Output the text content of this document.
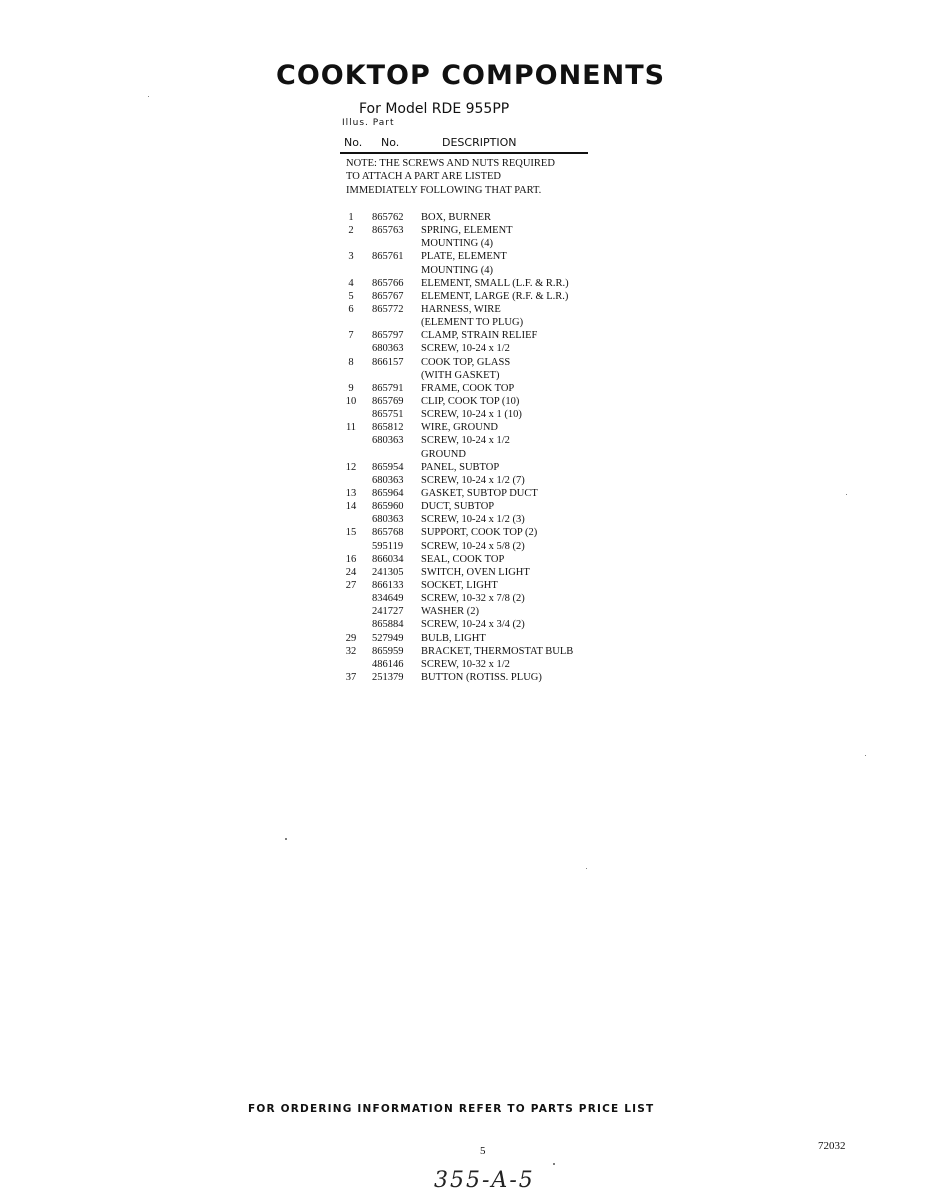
COOKTOP COMPONENTS
For Model RDE 955PP
Illus. Part
No. No.	DESCRIPTION
NOTE: THE SCREWS AND NUTS REQUIRED
TO ATTACH A PART ARE LISTED
IMMEDIATELY FOLLOWING THAT PART.
1	865762 BOX, BURNER
2	865763 SPRING, ELEMENT
MOUNTING (4)
3	865761 PLATE, ELEMENT
MOUNTING (4)
4	865766 ELEMENT, SMALL (L.F. & R.R.)
5	865767 ELEMENT, LARGE (R.F. & L.R.)
6	865772 HARNESS, WIRE
(ELEMENT TO PLUG)
7	865797 CLAMP, STRAIN RELIEF
680363 SCREW, 10-24 x 1/2
8	866157 COOK TOP, GLASS
(WITH GASKET)
9	865791 FRAME, COOK TOP
10	865769 CLIP, COOK TOP (10)
865751 SCREW, 10-24 x 1 (10)
11	865812 WIRE, GROUND
680363 SCREW, 10-24 x 1/2
GROUND
12	865954 PANEL, SUBTOP
680363 SCREW, 10-24 x 1/2 (7)
13	865964 GASKET, SUBTOP DUCT
14	865960 DUCT, SUBTOP
680363 SCREW, 10-24 x 1/2 (3)
15	865768 SUPPORT, COOK TOP (2)
595119 SCREW, 10-24 x 5/8 (2)
16	866034 SEAL, COOK TOP
24	241305 SWITCH, OVEN LIGHT
27	866133 SOCKET, LIGHT
834649 SCREW, 10-32 x 7/8 (2)
241727 WASHER (2)
865884 SCREW, 10-24 x 3/4 (2)
29	527949 BULB, LIGHT
32	865959 BRACKET, THERMOSTAT BULB
486146 SCREW, 10-32 x 1/2
37	251379 BUTTON (ROTISS. PLUG)
FOR ORDERING INFORMATION REFER TO PARTS PRICE LIST
5	72032
355-A-5
